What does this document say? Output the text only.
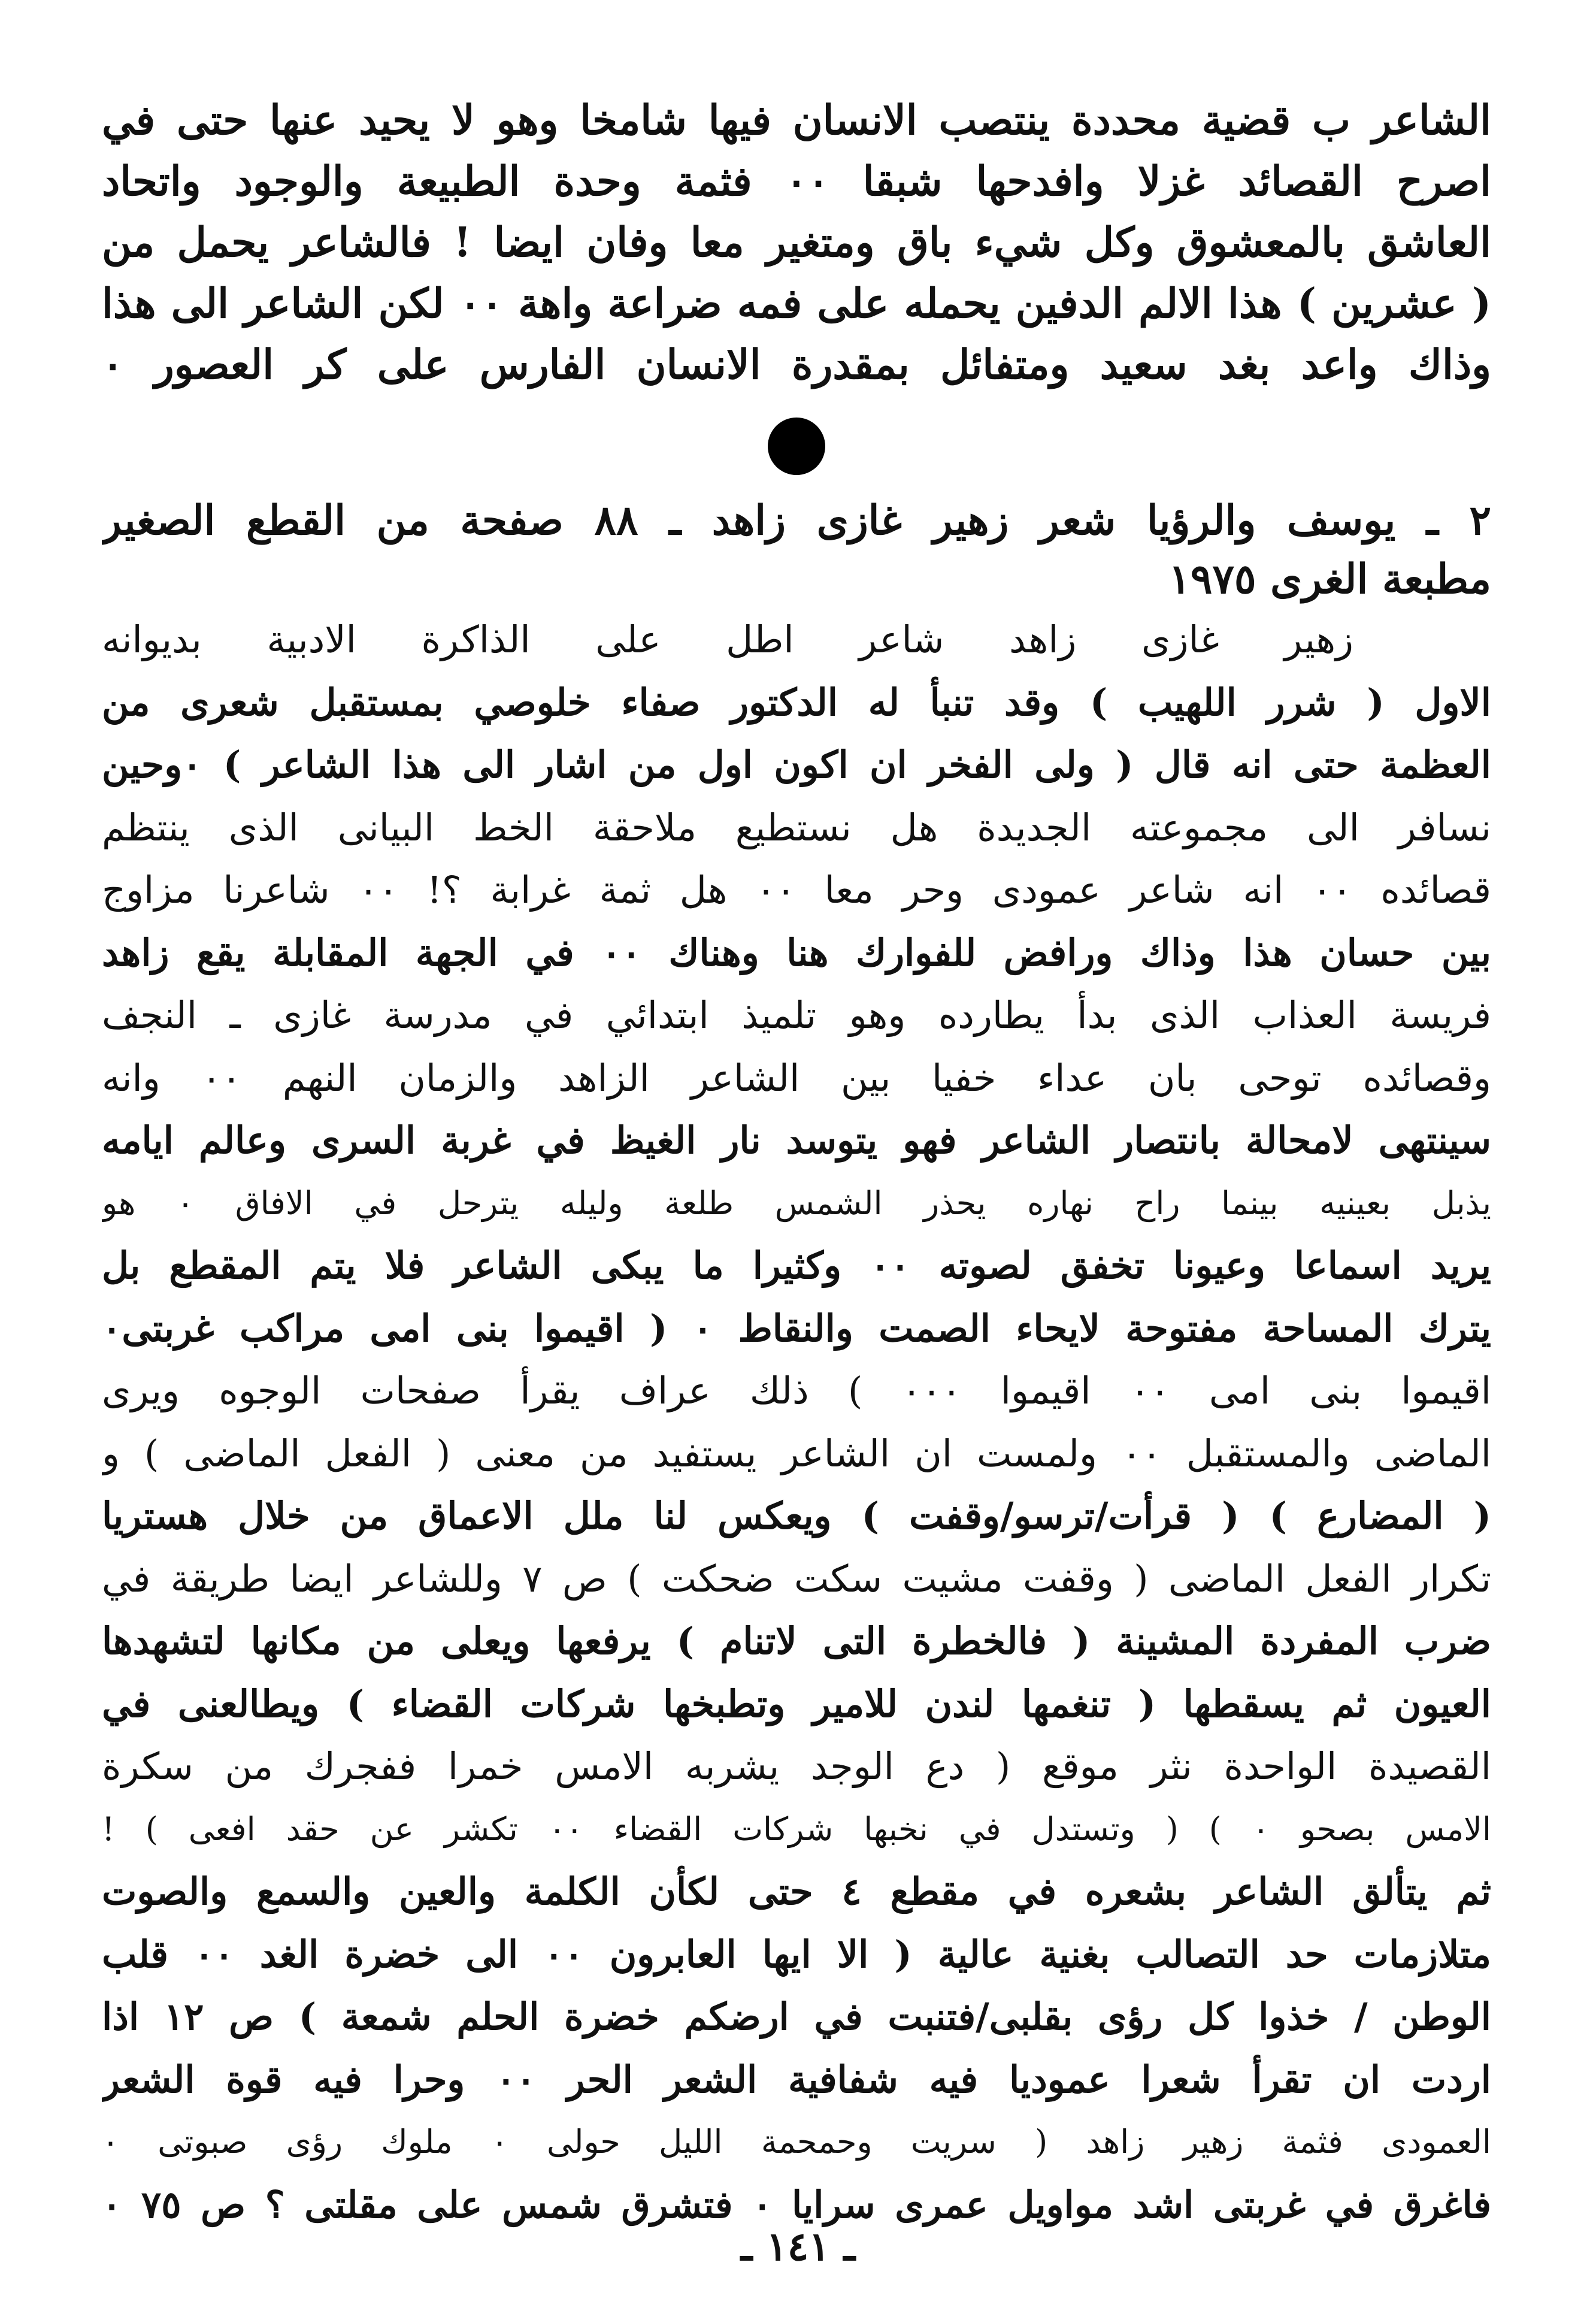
الشاعر ب قضية محددة ينتصب الانسان فيها شامخا وهو لا يحيد عنها حتى في
اصرح القصائد غزلا وافدحها شبقا ٠٠ فثمة وحدة الطبيعة والوجود واتحاد
العاشق بالمعشوق وكل شيء باق ومتغير معا وفان ايضا ! فالشاعر يحمل من
( عشرين ) هذا الالم الدفين يحمله على فمه ضراعة واهة ٠٠ لكن الشاعر الى هذا
وذاك واعد بغد سعيد ومتفائل بمقدرة الانسان الفارس على كر العصور ٠
٢ ـ يوسف والرؤيا شعر زهير غازى زاهد ـ ٨٨ صفحة من القطع الصغير
مطبعة الغرى ١٩٧٥
زهير غازى زاهد شاعر اطل على الذاكرة الادبية بديوانه
الاول ( شرر اللهيب ) وقد تنبأ له الدكتور صفاء خلوصي بمستقبل شعرى من
العظمة حتى انه قال ( ولى الفخر ان اكون اول من اشار الى هذا الشاعر ) ٠وحين
نسافر الى مجموعته الجديدة هل نستطيع ملاحقة الخط البيانى الذى ينتظم
قصائده ٠٠ انه شاعر عمودى وحر معا ٠٠ هل ثمة غرابة ؟! ٠٠ شاعرنا مزاوج
بين حسان هذا وذاك ورافض للفوارك هنا وهناك ٠٠ في الجهة المقابلة يقع زاهد
فريسة العذاب الذى بدأ يطارده وهو تلميذ ابتدائي في مدرسة غازى ـ النجف
وقصائده توحى بان عداء خفيا بين الشاعر الزاهد والزمان النهم ٠٠ وانه
سينتهى لامحالة بانتصار الشاعر فهو يتوسد نار الغيظ في غربة السرى وعالم ايامه
يذبل بعينيه بينما راح نهاره يحذر الشمس طلعة وليله يترحل في الافاق ٠ هو
يريد اسماعا وعيونا تخفق لصوته ٠٠ وكثيرا ما يبكى الشاعر فلا يتم المقطع بل
يترك المساحة مفتوحة لايحاء الصمت والنقاط ٠ ( اقيموا بنى امى مراكب غربتى٠
اقيموا بنى امى ٠٠ اقيموا ٠٠٠ ) ذلك عراف يقرأ صفحات الوجوه ويرى
الماضى والمستقبل ٠٠ ولمست ان الشاعر يستفيد من معنى ( الفعل الماضى ) و
( المضارع ) ( قرأت/ترسو/وقفت ) ويعكس لنا ملل الاعماق من خلال هستريا
تكرار الفعل الماضى ( وقفت مشيت سكت ضحكت ) ص ٧ وللشاعر ايضا طريقة في
ضرب المفردة المشينة ( فالخطرة التى لاتنام ) يرفعها ويعلى من مكانها لتشهدها
العيون ثم يسقطها ( تنغمها لندن للامير وتطبخها شركات القضاء ) ويطالعنى في
القصيدة الواحدة نثر موقع ( دع الوجد يشربه الامس خمرا ففجرك من سكرة
الامس بصحو ٠ ) ( وتستدل في نخبها شركات القضاء ٠٠ تكشر عن حقد افعى ) !
ثم يتألق الشاعر بشعره في مقطع ٤ حتى لكأن الكلمة والعين والسمع والصوت
متلازمات حد التصالب بغنية عالية ( الا ايها العابرون ٠٠ الى خضرة الغد ٠٠ قلب
الوطن / خذوا كل رؤى بقلبى/فتنبت في ارضكم خضرة الحلم شمعة ) ص ١٢ اذا
اردت ان تقرأ شعرا عموديا فيه شفافية الشعر الحر ٠٠ وحرا فيه قوة الشعر
العمودى فثمة زهير زاهد ( سريت وحمحمة الليل حولى ٠ ملوك رؤى صبوتى ٠
فاغرق في غربتى اشد مواويل عمرى سرايا ٠ فتشرق شمس على مقلتى ؟ ص ٧٥ ٠
ـ ١٤١ ـ
